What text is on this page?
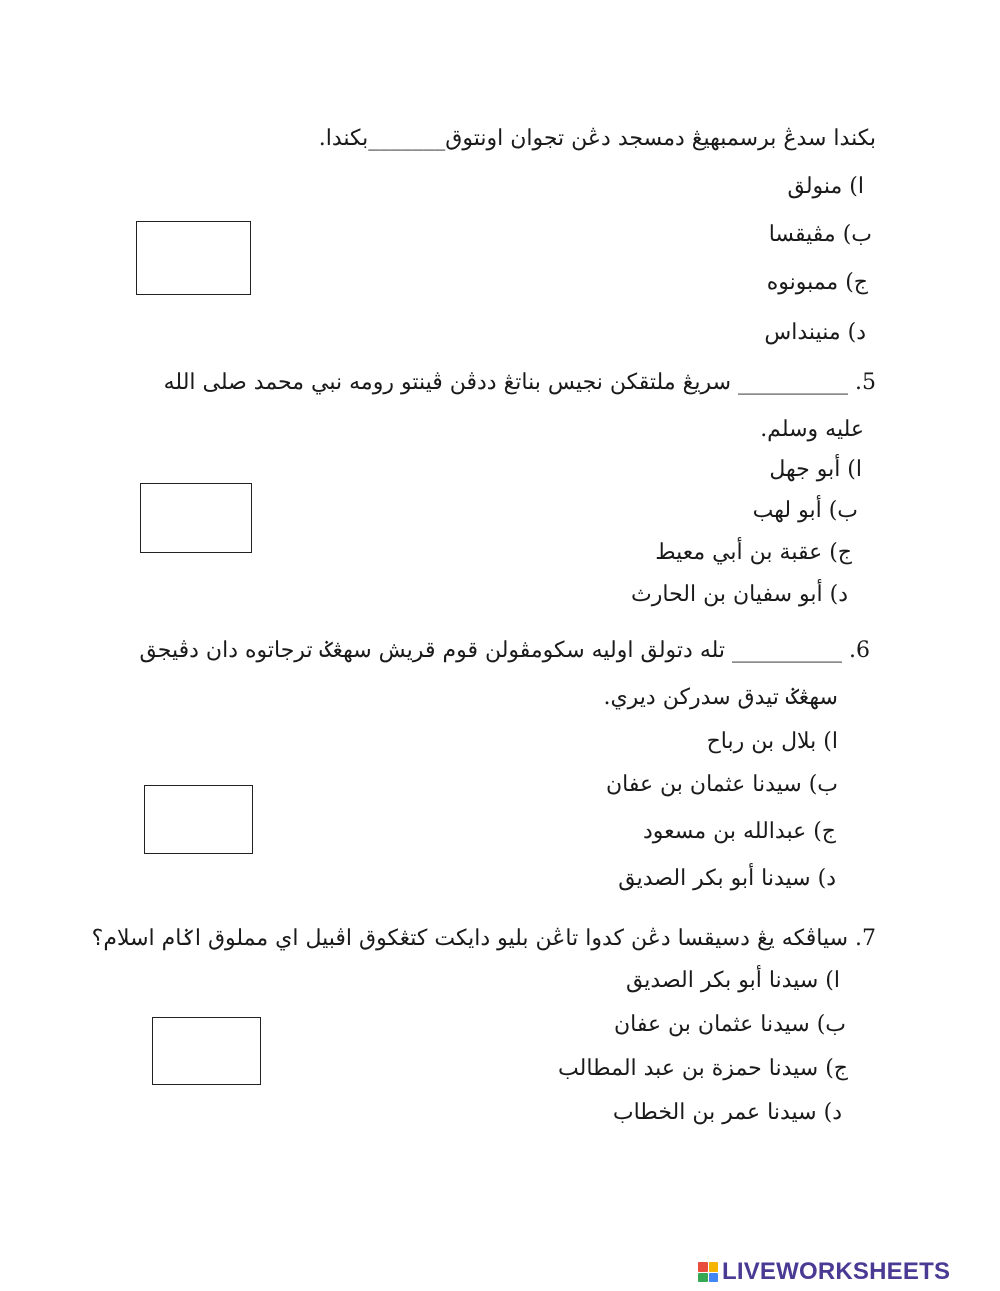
بكندا سدڠ برسمبهيڠ دمسجد دڠن تجوان اونتوق_______بكندا.
ا) منولق
ب) مڤيقسا
ج) ممبونوه
د) منينداس
5. __________ سريڠ ملتقكن نجيس بناتڠ ددڤن ڤينتو رومه نبي محمد صلى الله
عليه وسلم.
ا) أبو جهل
ب) أبو لهب
ج) عقبة بن أبي معيط
د) أبو سفيان بن الحارث
6. __________ تله دتولق اوليه سكومڤولن قوم قريش سهڠݢ ترجاتوه دان دڤيجق
سهڠݢ تيدق سدركن ديري.
ا) بلال بن رباح
ب) سيدنا عثمان بن عفان
ج) عبدالله بن مسعود
د) سيدنا أبو بكر الصديق
7. سياڤكه يڠ دسيقسا دڠن كدوا تاڠن بليو دايكت كتڠكوق اڤبيل اي مملوق اݢام اسلام؟
ا) سيدنا أبو بكر الصديق
ب) سيدنا عثمان بن عفان
ج) سيدنا حمزة بن عبد المطالب
د) سيدنا عمر بن الخطاب
LIVEWORKSHEETS
